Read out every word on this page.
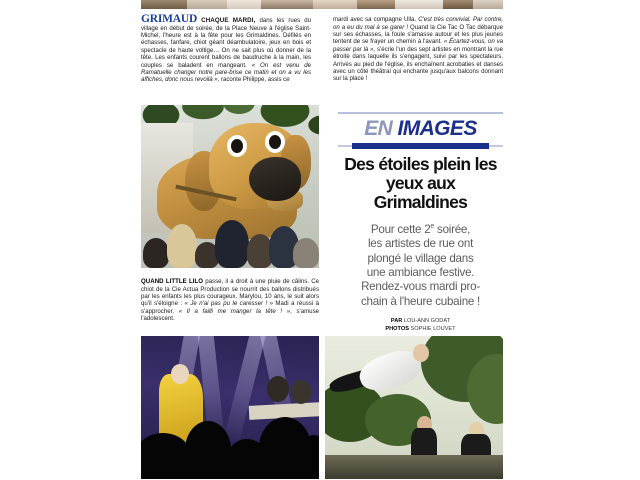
GRIMAUD CHAQUE MARDI, dans les rues du village en début de soirée, de la Place Neuve à l'église Saint-Michel, l'heure est à la fête pour les Grimaldines. Défilés en échasses, fanfare, chiot géant déambulatoire, jeux en bois et spectacle de haute voltige… On ne sait plus où donner de la tête. Les enfants courent ballons de baudruche à la main, les couples se baladent en mangeant. « On est venu de Ramatuelle changer notre pare-brise ce matin et on a vu les affiches, donc nous revoilà », raconte Philippe, assis ce

mardi avec sa compagne Ulla. C'est très convivial. Par contre, on a eu du mal à se garer ! Quand la Cie Tac O Tac débarque sur ses échasses, la foule s'amasse autour et les plus jeunes tentent de se frayer un chemin à l'avant. « Écartez-vous, on va passer par là », s'écrie l'un des sept artistes en montrant la rue étroite dans laquelle ils s'engagent, suivi par les spectateurs. Arrivés au pied de l'église, ils enchaînent acrobaties et danses avec un côté théâtral qui enchante jusqu'aux balcons donnant sur la place !

QUAND LITTLE LILO passe, il a droit à une pluie de câlins. Ce chiot de la Cie Actua Production se nourrit des ballons distribués par les enfants les plus courageux. Marylou, 10 ans, le suit alors qu'il s'éloigne : « Je n'ai pas pu le caresser ! » Madi a réussi à s'approcher. « Il a failli me manger la tête ! », s'amuse l'adolescent.

EN IMAGES
Des étoiles plein les
yeux aux Grimaldines
Pour cette 2e soirée,
les artistes de rue ont
plongé le village dans
une ambiance festive.
Rendez-vous mardi pro-
chain à l'heure cubaine !
PAR LOU-ANN GODAT
PHOTOS SOPHIE LOUVET
